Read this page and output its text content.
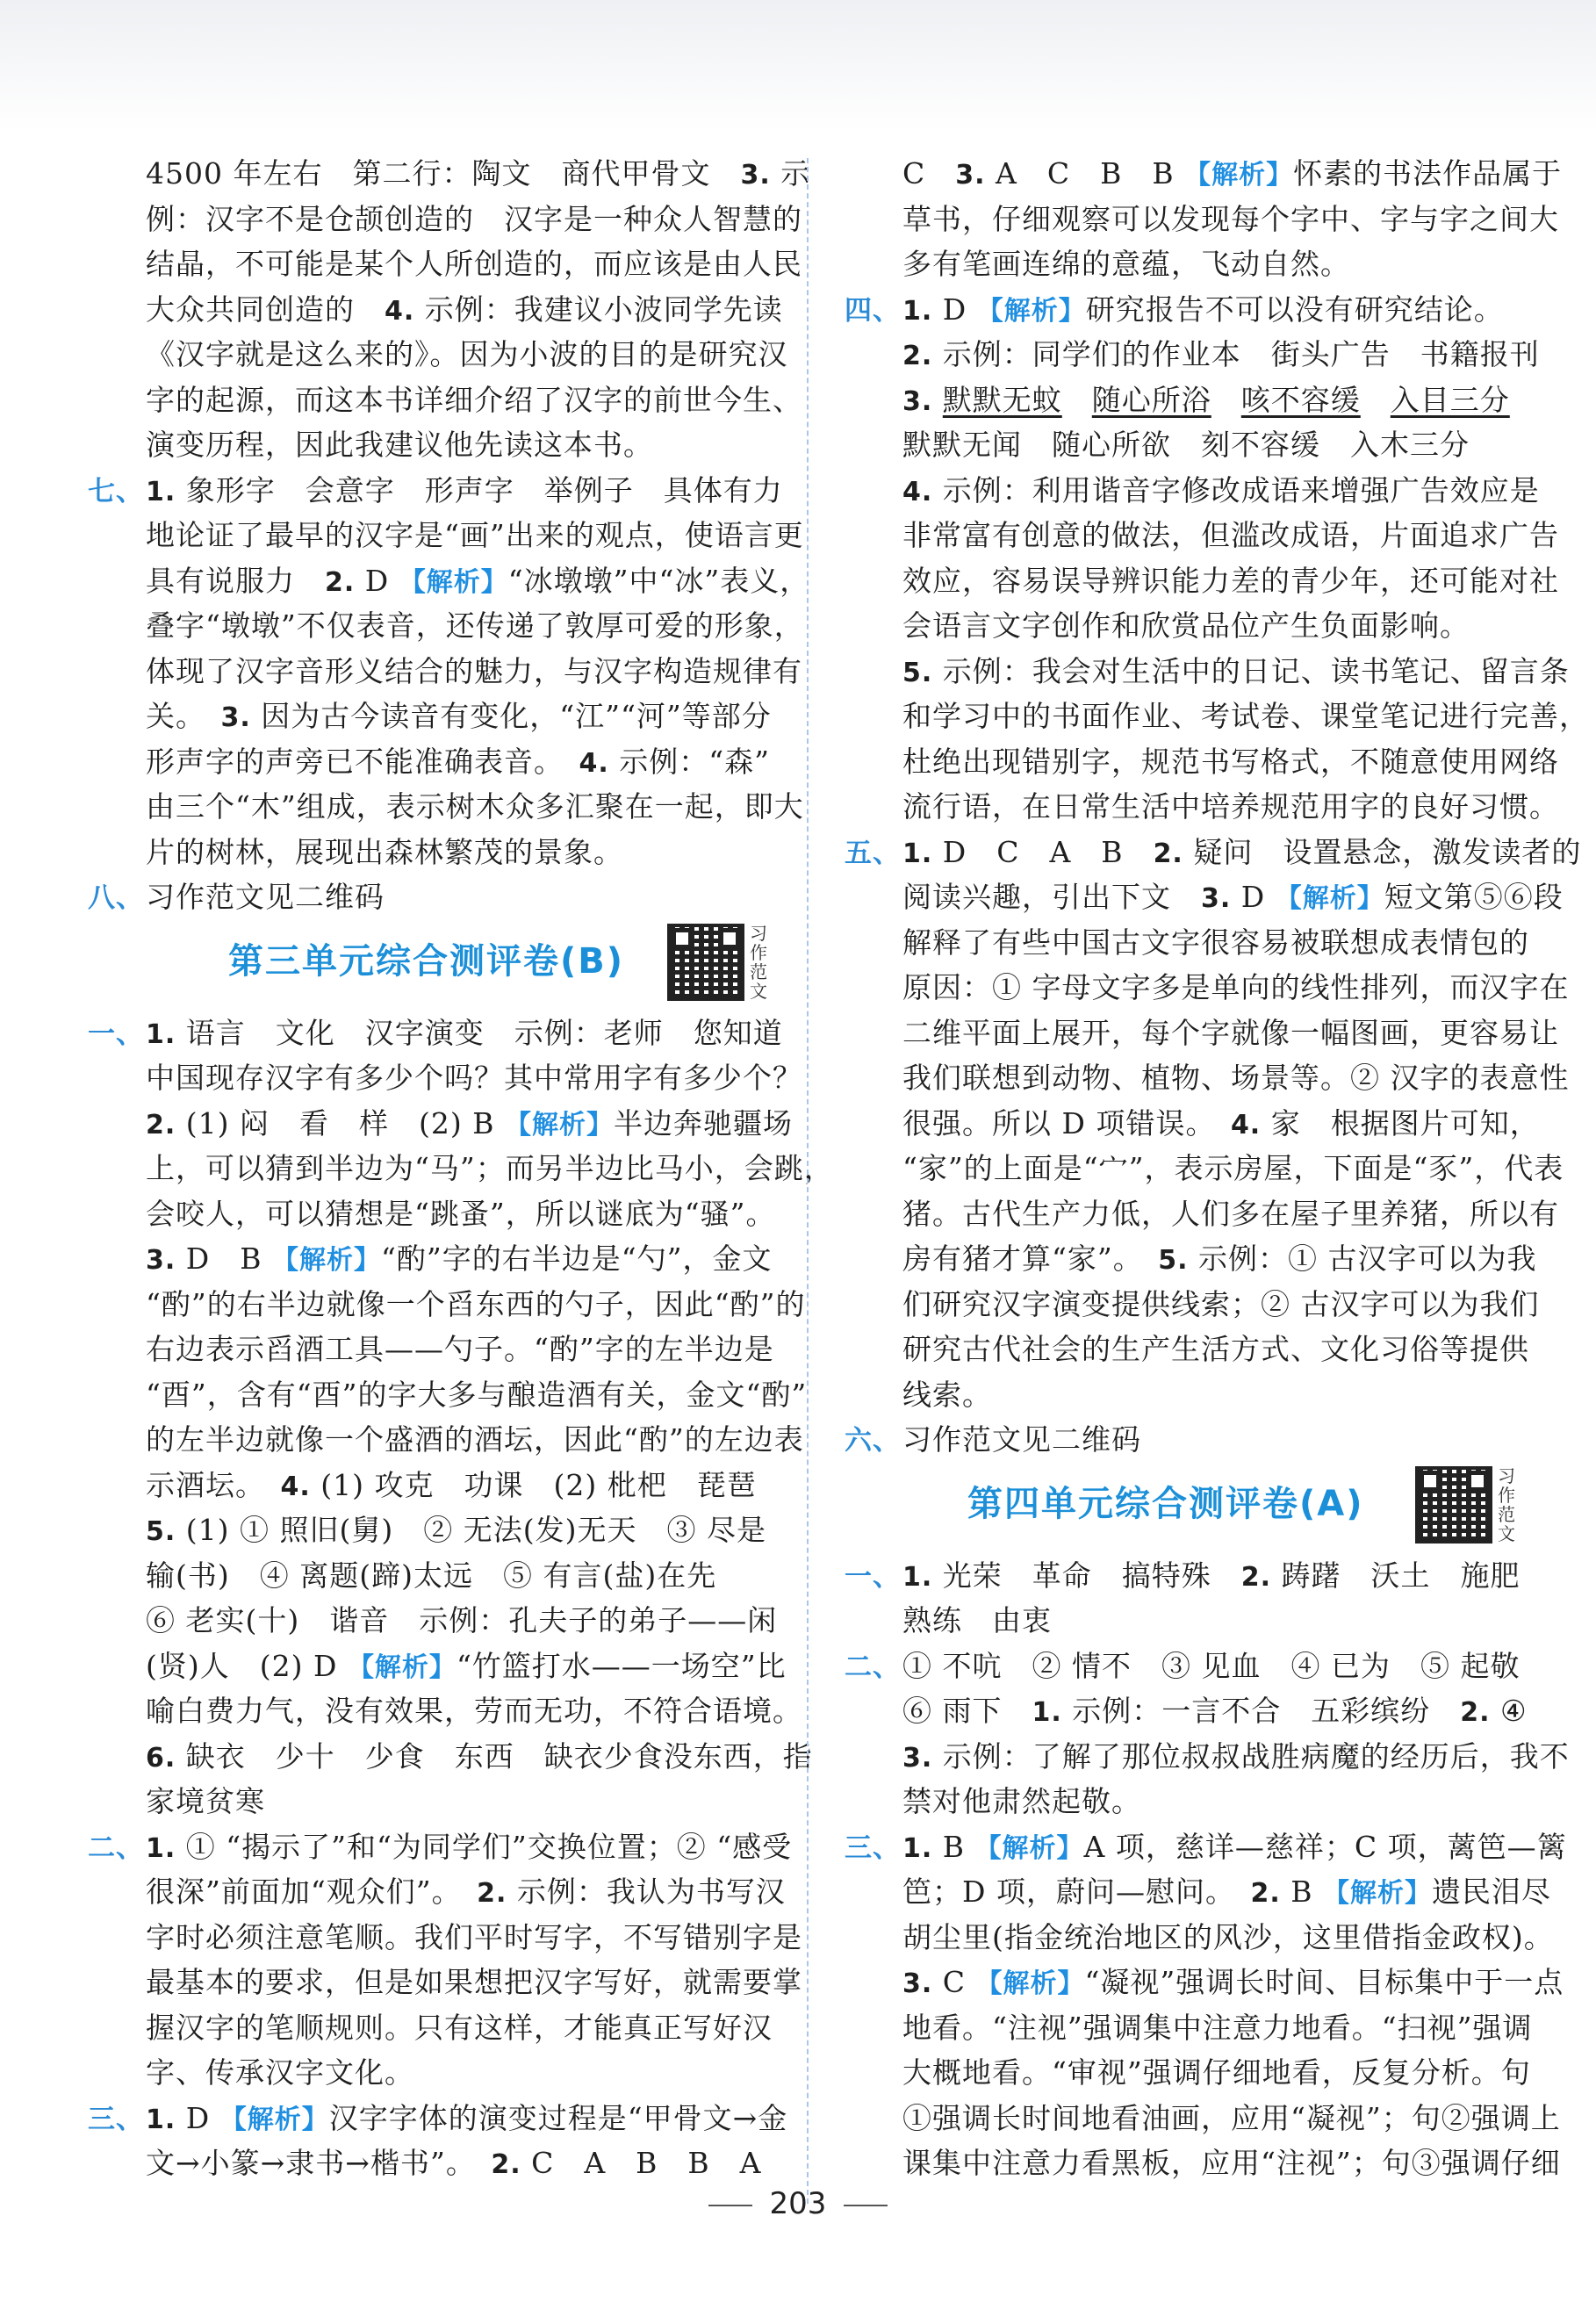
4500 年左右　第二行：陶文　商代甲骨文　3. 示
例：汉字不是仓颉创造的　汉字是一种众人智慧的
结晶，不可能是某个人所创造的，而应该是由人民
大众共同创造的　4. 示例：我建议小波同学先读
《汉字就是这么来的》。因为小波的目的是研究汉
字的起源，而这本书详细介绍了汉字的前世今生、
演变历程，因此我建议他先读这本书。
七、1. 象形字　会意字　形声字　举例子　具体有力
地论证了最早的汉字是“画”出来的观点，使语言更
具有说服力　2. D 【解析】“冰墩墩”中“冰”表义，
叠字“墩墩”不仅表音，还传递了敦厚可爱的形象，
体现了汉字音形义结合的魅力，与汉字构造规律有
关。　3. 因为古今读音有变化，“江”“河”等部分
形声字的声旁已不能准确表音。　4. 示例：“森”
由三个“木”组成，表示树木众多汇聚在一起，即大
片的树林，展现出森林繁茂的景象。
八、习作范文见二维码
第三单元综合测评卷(B)
习作范文
一、1. 语言　文化　汉字演变　示例：老师　您知道
中国现存汉字有多少个吗？其中常用字有多少个？
2. (1) 闷　看　样　(2) B 【解析】半边奔驰疆场
上，可以猜到半边为“马”；而另半边比马小，会跳，
会咬人，可以猜想是“跳蚤”，所以谜底为“骚”。
3. D　B 【解析】“酌”字的右半边是“勺”，金文
“酌”的右半边就像一个舀东西的勺子，因此“酌”的
右边表示舀酒工具——勺子。“酌”字的左半边是
“酉”，含有“酉”的字大多与酿造酒有关，金文“酌”
的左半边就像一个盛酒的酒坛，因此“酌”的左边表
示酒坛。　4. (1) 攻克　功课　(2) 枇杷　琵琶
5. (1) ① 照旧(舅)　② 无法(发)无天　③ 尽是
输(书)　④ 离题(蹄)太远　⑤ 有言(盐)在先
⑥ 老实(十)　谐音　示例：孔夫子的弟子——闲
(贤)人　(2) D 【解析】“竹篮打水——一场空”比
喻白费力气，没有效果，劳而无功，不符合语境。
6. 缺衣　少十　少食　东西　缺衣少食没东西，指
家境贫寒
二、1. ① “揭示了”和“为同学们”交换位置；② “感受
很深”前面加“观众们”。　2. 示例：我认为书写汉
字时必须注意笔顺。我们平时写字，不写错别字是
最基本的要求，但是如果想把汉字写好，就需要掌
握汉字的笔顺规则。只有这样，才能真正写好汉
字、传承汉字文化。
三、1. D 【解析】汉字字体的演变过程是“甲骨文→金
文→小篆→隶书→楷书”。　2. C　A　B　B　A
C　3. A　C　B　B 【解析】怀素的书法作品属于
草书，仔细观察可以发现每个字中、字与字之间大
多有笔画连绵的意蕴，飞动自然。
四、1. D 【解析】研究报告不可以没有研究结论。
2. 示例：同学们的作业本　街头广告　书籍报刊
3. 默默无蚊　 随心所浴　 咳不容缓　 入目三分
默默无闻　随心所欲　刻不容缓　入木三分
4. 示例：利用谐音字修改成语来增强广告效应是
非常富有创意的做法，但滥改成语，片面追求广告
效应，容易误导辨识能力差的青少年，还可能对社
会语言文字创作和欣赏品位产生负面影响。
5. 示例：我会对生活中的日记、读书笔记、留言条
和学习中的书面作业、考试卷、课堂笔记进行完善，
杜绝出现错别字，规范书写格式，不随意使用网络
流行语，在日常生活中培养规范用字的良好习惯。
五、1. D　C　A　B　2. 疑问　设置悬念，激发读者的
阅读兴趣，引出下文　3. D 【解析】短文第⑤⑥段
解释了有些中国古文字很容易被联想成表情包的
原因：① 字母文字多是单向的线性排列，而汉字在
二维平面上展开，每个字就像一幅图画，更容易让
我们联想到动物、植物、场景等。② 汉字的表意性
很强。所以 D 项错误。　4. 家　根据图片可知，
“家”的上面是“宀”，表示房屋，下面是“豕”，代表
猪。古代生产力低，人们多在屋子里养猪，所以有
房有猪才算“家”。　5. 示例：① 古汉字可以为我
们研究汉字演变提供线索；② 古汉字可以为我们
研究古代社会的生产生活方式、文化习俗等提供
线索。
六、习作范文见二维码
第四单元综合测评卷(A)
习作范文
一、1. 光荣　革命　搞特殊　2. 踌躇　沃土　施肥
熟练　由衷
二、① 不吭　② 情不　③ 见血　④ 已为　⑤ 起敬
⑥ 雨下　1. 示例：一言不合　五彩缤纷　2. ④
3. 示例：了解了那位叔叔战胜病魔的经历后，我不
禁对他肃然起敬。
三、1. B 【解析】A 项，慈详—慈祥；C 项，蓠笆—篱
笆；D 项，蔚问—慰问。　2. B 【解析】遗民泪尽
胡尘里(指金统治地区的风沙，这里借指金政权)。
3. C 【解析】“凝视”强调长时间、目标集中于一点
地看。“注视”强调集中注意力地看。“扫视”强调
大概地看。“审视”强调仔细地看，反复分析。句
①强调长时间地看油画，应用“凝视”；句②强调上
课集中注意力看黑板，应用“注视”；句③强调仔细
203
